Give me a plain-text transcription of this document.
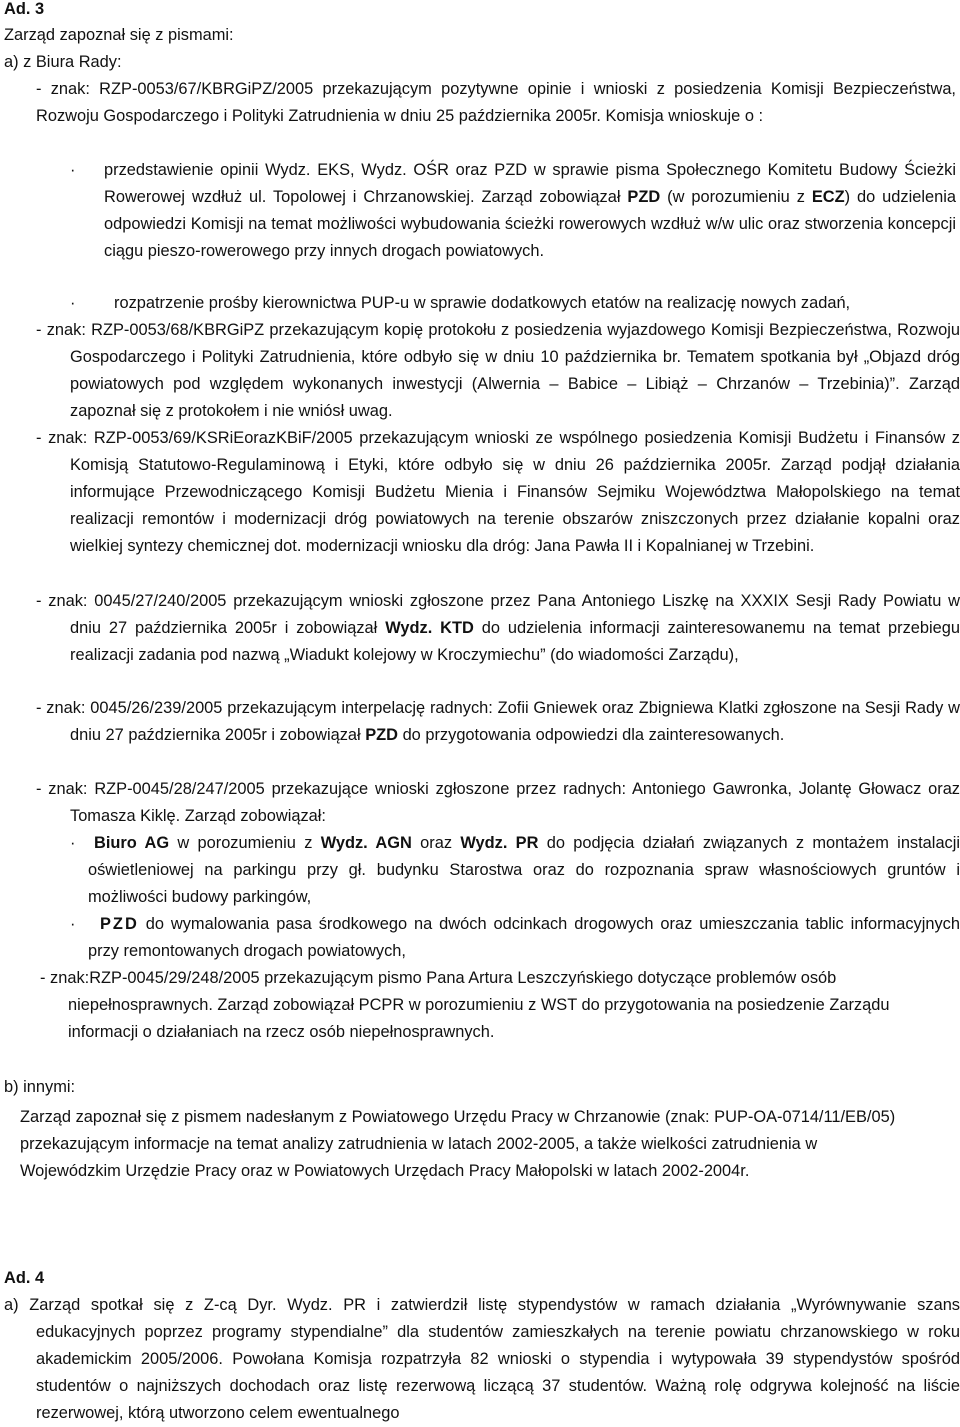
Ad. 3
Zarząd zapoznał się z pismami:
a) z Biura Rady:
- znak: RZP-0053/67/KBRGiPZ/2005 przekazującym pozytywne opinie i wnioski z posiedzenia Komisji Bezpieczeństwa, Rozwoju Gospodarczego i Polityki Zatrudnienia w dniu 25 października 2005r. Komisja wnioskuje o :
· przedstawienie opinii Wydz. EKS, Wydz. OŚR oraz PZD w sprawie pisma Społecznego Komitetu Budowy Ścieżki Rowerowej wzdłuż ul. Topolowej i Chrzanowskiej. Zarząd zobowiązał PZD (w porozumieniu z ECZ) do udzielenia odpowiedzi Komisji na temat możliwości wybudowania ścieżki rowerowych wzdłuż w/w ulic oraz stworzenia koncepcji ciągu pieszo-rowerowego przy innych drogach powiatowych.
· rozpatrzenie prośby kierownictwa PUP-u w sprawie dodatkowych etatów na realizację nowych zadań,
- znak: RZP-0053/68/KBRGiPZ przekazującym kopię protokołu z posiedzenia wyjazdowego Komisji Bezpieczeństwa, Rozwoju Gospodarczego i Polityki Zatrudnienia, które odbyło się w dniu 10 października br. Tematem spotkania był „Objazd dróg powiatowych pod względem wykonanych inwestycji (Alwernia – Babice – Libiąż – Chrzanów – Trzebinia)”. Zarząd zapoznał się z protokołem i nie wniósł uwag.
- znak: RZP-0053/69/KSRiEorazKBiF/2005 przekazującym wnioski ze wspólnego posiedzenia Komisji Budżetu i Finansów z Komisją Statutowo-Regulaminową i Etyki, które odbyło się w dniu 26 października 2005r. Zarząd podjął działania informujące Przewodniczącego Komisji Budżetu Mienia i Finansów Sejmiku Województwa Małopolskiego na temat realizacji remontów i modernizacji dróg powiatowych na terenie obszarów zniszczonych przez działanie kopalni oraz wielkiej syntezy chemicznej dot. modernizacji wniosku dla dróg: Jana Pawła II i Kopalnianej w Trzebini.
- znak: 0045/27/240/2005 przekazującym wnioski zgłoszone przez Pana Antoniego Liszkę na XXXIX Sesji Rady Powiatu w dniu 27 października 2005r i zobowiązał Wydz. KTD do udzielenia informacji zainteresowanemu na temat przebiegu realizacji zadania pod nazwą „Wiadukt kolejowy w Kroczymiechu” (do wiadomości Zarządu),
- znak: 0045/26/239/2005 przekazującym interpelację radnych: Zofii Gniewek oraz Zbigniewa Klatki zgłoszone na Sesji Rady w dniu 27 października 2005r i zobowiązał PZD do przygotowania odpowiedzi dla zainteresowanych.
- znak: RZP-0045/28/247/2005 przekazujące wnioski zgłoszone przez radnych: Antoniego Gawronka, Jolantę Głowacz oraz Tomasza Kiklę. Zarząd zobowiązał:
·	Biuro AG w porozumieniu z Wydz. AGN oraz Wydz. PR do podjęcia działań związanych z montażem instalacji oświetleniowej na parkingu przy gł. budynku Starostwa oraz do rozpoznania spraw własnościowych gruntów i możliwości budowy parkingów,
·	PZD do wymalowania pasa środkowego na dwóch odcinkach drogowych oraz umieszczania tablic informacyjnych przy remontowanych drogach powiatowych,
- znak:RZP-0045/29/248/2005 przekazującym pismo Pana Artura Leszczyńskiego dotyczące problemów osób niepełnosprawnych. Zarząd zobowiązał PCPR w porozumieniu z WST do przygotowania na posiedzenie Zarządu informacji o działaniach na rzecz osób niepełnosprawnych.
b) innymi:
Zarząd zapoznał się z pismem nadesłanym z Powiatowego Urzędu Pracy w Chrzanowie (znak: PUP-OA-0714/11/EB/05) przekazującym informacje na temat analizy zatrudnienia w latach 2002-2005, a także wielkości zatrudnienia w Wojewódzkim Urzędzie Pracy oraz w Powiatowych Urzędach Pracy Małopolski w latach 2002-2004r.
Ad. 4
a) Zarząd spotkał się z Z-cą Dyr. Wydz. PR i zatwierdził listę stypendystów w ramach działania „Wyrównywanie szans edukacyjnych poprzez programy stypendialne” dla studentów zamieszkałych na terenie powiatu chrzanowskiego w roku akademickim 2005/2006. Powołana Komisja rozpatrzyła 82 wnioski o stypendia i wytypowała 39 stypendystów spośród studentów o najniższych dochodach oraz listę rezerwową liczącą 37 studentów. Ważną rolę odgrywa kolejność na liście rezerwowej, którą utworzono celem ewentualnego
